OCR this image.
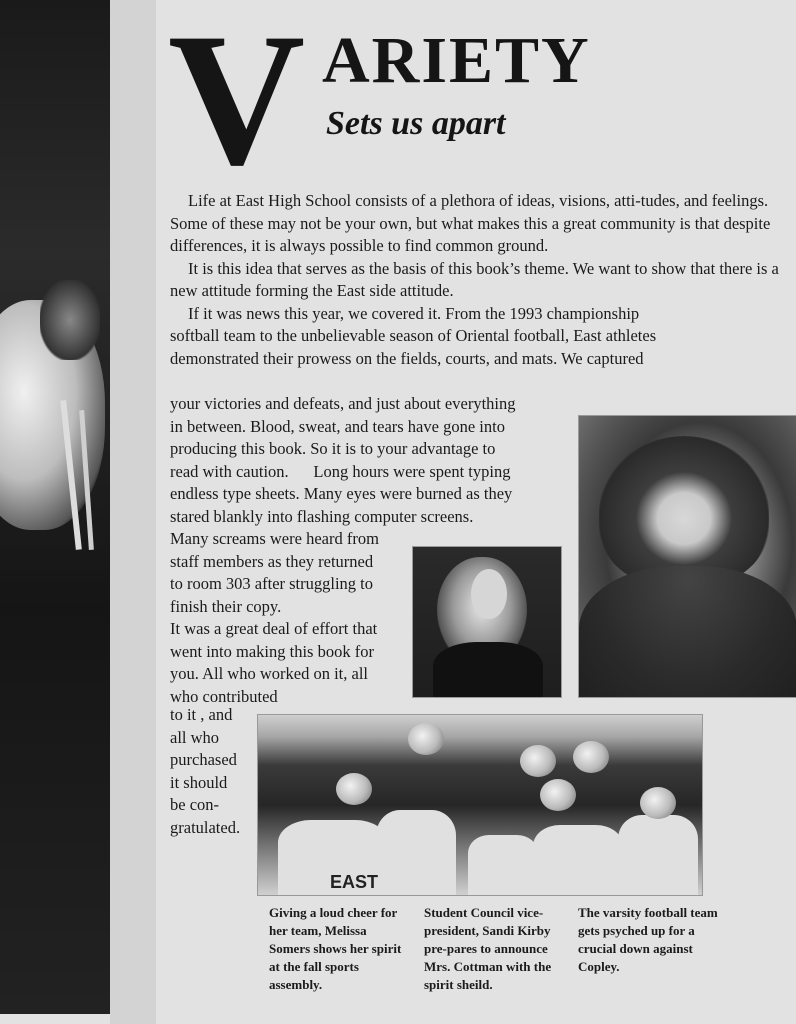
V ARIETY
Sets us apart

Life at East High School consists of a plethora of ideas, visions, atti-tudes, and feelings. Some of these may not be your own, but what makes this a great community is that despite differences, it is always possible to find common ground.

It is this idea that serves as the basis of this book’s theme. We want to show that there is a new attitude forming the East side attitude.

If it was news this year, we covered it. From the 1993 championship

softball team to the unbelievable season of Oriental football, East athletes

demonstrated their prowess on the fields, courts, and mats. We captured

your victories and defeats, and just about everything

in between. Blood, sweat, and tears have gone into

producing this book. So it is to your advantage to

read with caution.      Long hours were spent typing

endless type sheets. Many eyes were burned as they

stared blankly into flashing computer screens.

Many screams were heard from

staff members as they returned

to room 303 after struggling to

finish their copy.

It was a great deal of effort that

went into making this book for

you. All who worked on it, all

who contributed

to it , and

all who

purchased

it should

be con-

gratulated.

EAST
Giving a loud cheer for her team, Melissa Somers shows her spirit at the fall sports assembly.
Student Council vice-president, Sandi Kirby pre-pares to announce Mrs. Cottman with the spirit sheild.
The varsity football team gets psyched up for a crucial down against Copley.
